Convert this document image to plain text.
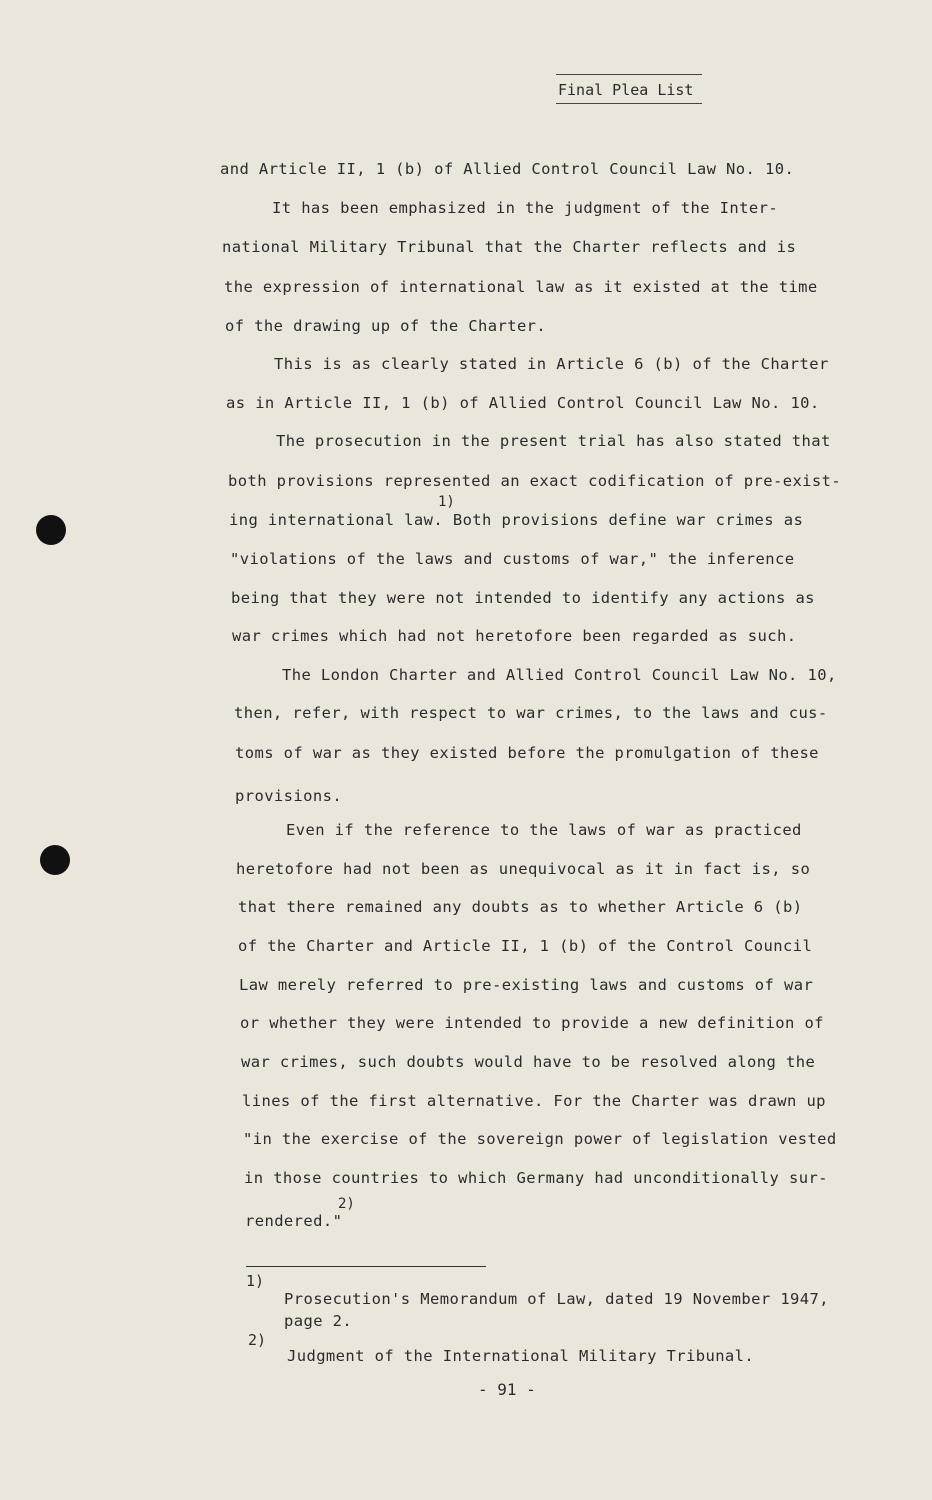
Final Plea List
and Article II, 1 (b) of Allied Control Council Law No. 10.
It has been emphasized in the judgment of the Inter-
national Military Tribunal that the Charter reflects and is
the expression of international law as it existed at the time
of the drawing up of the Charter.
This is as clearly stated in Article 6 (b) of the Charter
as in Article II, 1 (b) of Allied Control Council Law No. 10.
The prosecution in the present trial has also stated that
both provisions represented an exact codification of pre-exist-
1)
ing international law. Both provisions define war crimes as
"violations of the laws and customs of war," the inference
being that they were not intended to identify any actions as
war crimes which had not heretofore been regarded as such.
The London Charter and Allied Control Council Law No. 10,
then, refer, with respect to war crimes, to the laws and cus-
toms of war as they existed before the promulgation of these
provisions.
Even if the reference to the laws of war as practiced
heretofore had not been as unequivocal as it in fact is, so
that there remained any doubts as to whether Article 6 (b)
of the Charter and Article II, 1 (b) of the Control Council
Law merely referred to pre-existing laws and customs of war
or whether they were intended to provide a new definition of
war crimes, such doubts would have to be resolved along the
lines of the first alternative. For the Charter was drawn up
"in the exercise of the sovereign power of legislation vested
in those countries to which Germany had unconditionally sur-
2)
rendered."
1)
Prosecution's Memorandum of Law, dated 19 November 1947,
page 2.
2)
Judgment of the International Military Tribunal.
- 91 -
